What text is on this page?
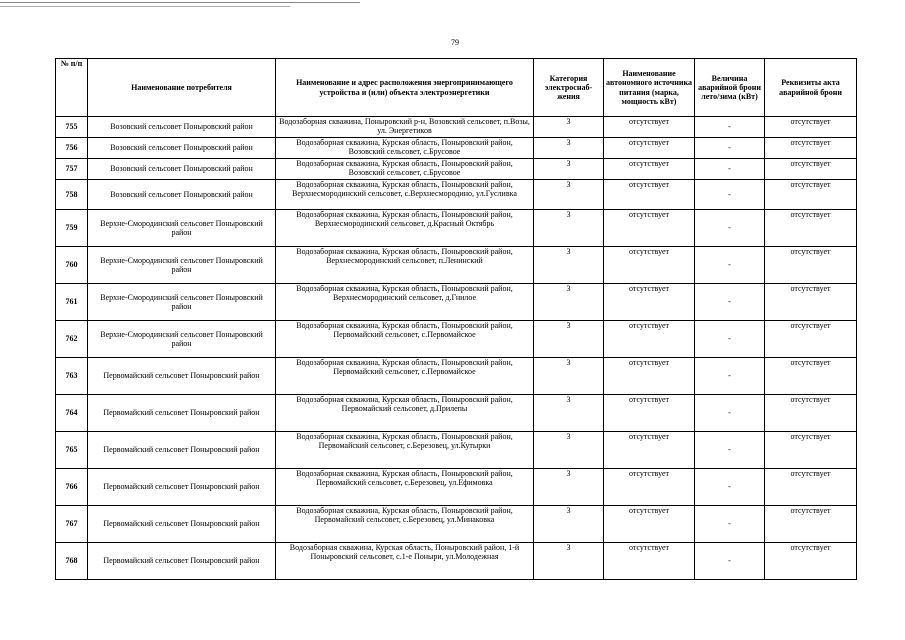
79
№ п/п	Наименование потребителя	Наименование и адрес расположения энергопринимающего устройства и (или) объекта электроэнергетики	Категория электроснаб-жения	Наименование автономного источника питания (марка, мощность кВт)	Величина аварийной брони лето/зима (кВт)	Реквизиты акта аварийной брони
755	Возовский сельсовет Поныровский район	Водозаборная скважина, Поныровский р-н, Возовский сельсовет, п.Возы, ул. Энергетиков	3	отсутствует	-	отсутствует
756	Возовский сельсовет Поныровский район	Водозаборная скважина, Курская область, Поныровский район, Возовский сельсовет, с.Брусовое	3	отсутствует	-	отсутствует
757	Возовский сельсовет Поныровский район	Водозаборная скважина, Курская область, Поныровский район, Возовский сельсовет, с.Брусовое	3	отсутствует	-	отсутствует
758	Возовский сельсовет Поныровский район	Водозаборная скважина, Курская область, Поныровский район, Верхнесмородинский сельсовет, с.Верхнесмородино, ул.Гусливка	3	отсутствует	-	отсутствует
759	Верхне-Смородинский сельсовет Поныровский район	Водозаборная скважина, Курская область, Поныровский район, Верхнесмородинский сельсовет, д.Красный Октябрь	3	отсутствует	-	отсутствует
760	Верхне-Смородинский сельсовет Поныровский район	Водозаборная скважина, Курская область, Поныровский район, Верхнесмородинский сельсовет, п.Ленинский	3	отсутствует	-	отсутствует
761	Верхне-Смородинский сельсовет Поныровский район	Водозаборная скважина, Курская область, Поныровский район, Верхнесмородинский сельсовет, д.Гнилое	3	отсутствует	-	отсутствует
762	Верхне-Смородинский сельсовет Поныровский район	Водозаборная скважина, Курская область, Поныровский район, Первомайский сельсовет, с.Первомайское	3	отсутствует	-	отсутствует
763	Первомайский сельсовет Поныровский район	Водозаборная скважина, Курская область, Поныровский район, Первомайский сельсовет, с.Первомайское	3	отсутствует	-	отсутствует
764	Первомайский сельсовет Поныровский район	Водозаборная скважина, Курская область, Поныровский район, Первомайский сельсовет, д.Прилепы	3	отсутствует	-	отсутствует
765	Первомайский сельсовет Поныровский район	Водозаборная скважина, Курская область, Поныровский район, Первомайский сельсовет, с.Березовец, ул.Кутырки	3	отсутствует	-	отсутствует
766	Первомайский сельсовет Поныровский район	Водозаборная скважина, Курская область, Поныровский район, Первомайский сельсовет, с.Березовец, ул.Ефимовка	3	отсутствует	-	отсутствует
767	Первомайский сельсовет Поныровский район	Водозаборная скважина, Курская область, Поныровский район, Первомайский сельсовет, с.Березовец, ул.Минаковка	3	отсутствует	-	отсутствует
768	Первомайский сельсовет Поныровский район	Водозаборная скважина, Курская область, Поныровский район, 1-й Поныровский сельсовет, с.1-е Поныри, ул.Молодежная	3	отсутствует	-	отсутствует
